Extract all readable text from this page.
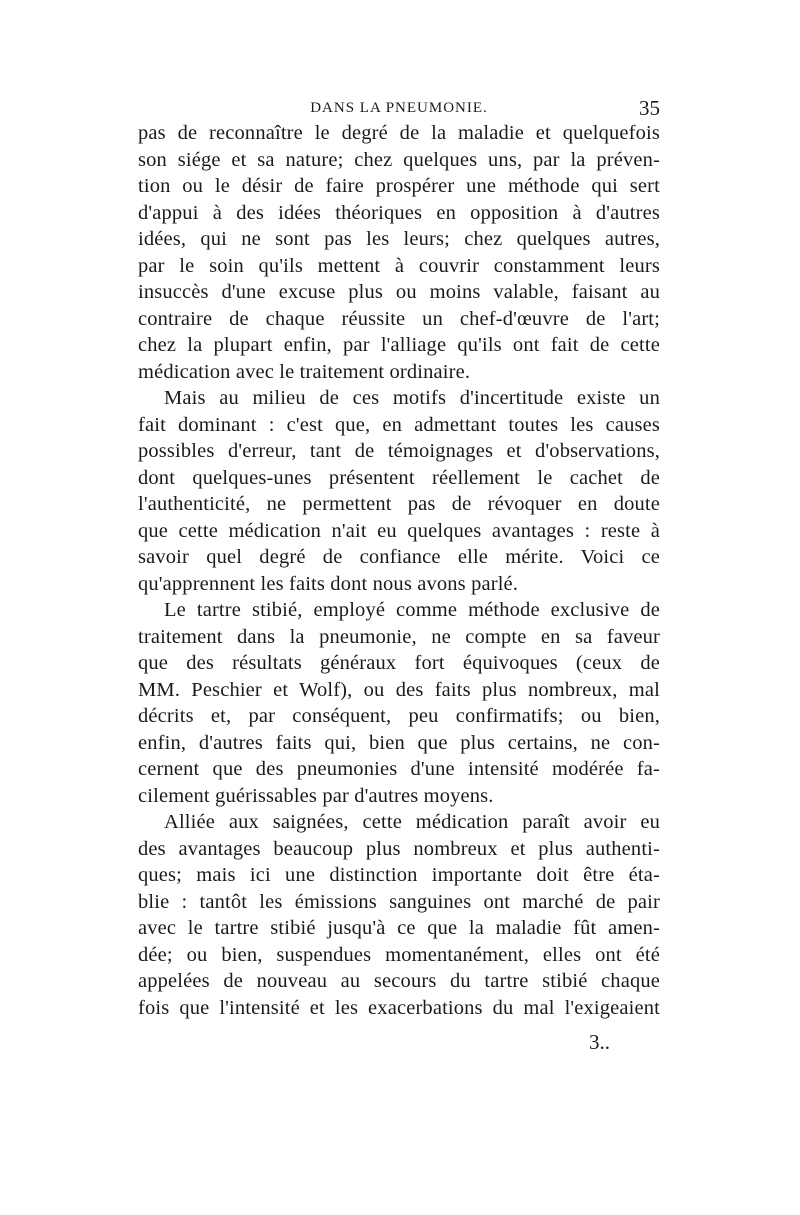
DANS LA PNEUMONIE.	35

pas de reconnaître le degré de la maladie et quelquefois
son siége et sa nature; chez quelques uns, par la préven-
tion ou le désir de faire prospérer une méthode qui sert
d'appui à des idées théoriques en opposition à d'autres
idées, qui ne sont pas les leurs; chez quelques autres,
par le soin qu'ils mettent à couvrir constamment leurs
insuccès d'une excuse plus ou moins valable, faisant au
contraire de chaque réussite un chef-d'œuvre de l'art;
chez la plupart enfin, par l'alliage qu'ils ont fait de cette
médication avec le traitement ordinaire.

Mais au milieu de ces motifs d'incertitude existe un
fait dominant : c'est que, en admettant toutes les causes
possibles d'erreur, tant de témoignages et d'observations,
dont quelques-unes présentent réellement le cachet de
l'authenticité, ne permettent pas de révoquer en doute
que cette médication n'ait eu quelques avantages : reste à
savoir quel degré de confiance elle mérite. Voici ce
qu'apprennent les faits dont nous avons parlé.

Le tartre stibié, employé comme méthode exclusive de
traitement dans la pneumonie, ne compte en sa faveur
que des résultats généraux fort équivoques (ceux de
MM. Peschier et Wolf), ou des faits plus nombreux, mal
décrits et, par conséquent, peu confirmatifs; ou bien,
enfin, d'autres faits qui, bien que plus certains, ne con-
cernent que des pneumonies d'une intensité modérée fa-
cilement guérissables par d'autres moyens.

Alliée aux saignées, cette médication paraît avoir eu
des avantages beaucoup plus nombreux et plus authenti-
ques; mais ici une distinction importante doit être éta-
blie : tantôt les émissions sanguines ont marché de pair
avec le tartre stibié jusqu'à ce que la maladie fût amen-
dée; ou bien, suspendues momentanément, elles ont été
appelées de nouveau au secours du tartre stibié chaque
fois que l'intensité et les exacerbations du mal l'exigeaient

3..
